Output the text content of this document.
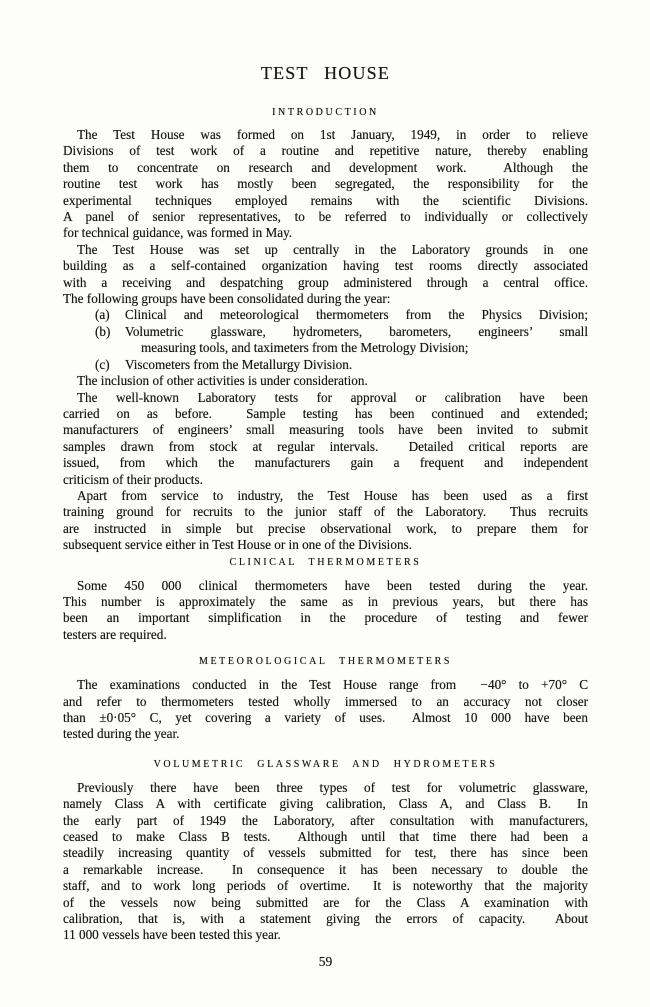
TEST HOUSE
INTRODUCTION
The Test House was formed on 1st January, 1949, in order to relieve
Divisions of test work of a routine and repetitive nature, thereby enabling
them to concentrate on research and development work.  Although the
routine test work has mostly been segregated, the responsibility for the
experimental techniques employed remains with the scientific Divisions.
A panel of senior representatives, to be referred to individually or collectively
for technical guidance, was formed in May.
The Test House was set up centrally in the Laboratory grounds in one
building as a self-contained organization having test rooms directly associated
with a receiving and despatching group administered through a central office.
The following groups have been consolidated during the year:
(a)	Clinical and meteorological thermometers from the Physics Division;
(b)	Volumetric glassware, hydrometers, barometers, engineers’ small
measuring tools, and taximeters from the Metrology Division;
(c)	Viscometers from the Metallurgy Division.
The inclusion of other activities is under consideration.
The well-known Laboratory tests for approval or calibration have been
carried on as before.  Sample testing has been continued and extended;
manufacturers of engineers’ small measuring tools have been invited to submit
samples drawn from stock at regular intervals.  Detailed critical reports are
issued, from which the manufacturers gain a frequent and independent
criticism of their products.
Apart from service to industry, the Test House has been used as a first
training ground for recruits to the junior staff of the Laboratory.  Thus recruits
are instructed in simple but precise observational work, to prepare them for
subsequent service either in Test House or in one of the Divisions.
CLINICAL THERMOMETERS
Some 450 000 clinical thermometers have been tested during the year.
This number is approximately the same as in previous years, but there has
been an important simplification in the procedure of testing and fewer
testers are required.
METEOROLOGICAL THERMOMETERS
The examinations conducted in the Test House range from  −40° to +70° C
and refer to thermometers tested wholly immersed to an accuracy not closer
than ±0·05° C, yet covering a variety of uses.  Almost 10 000 have been
tested during the year.
VOLUMETRIC GLASSWARE AND HYDROMETERS
Previously there have been three types of test for volumetric glassware,
namely Class A with certificate giving calibration, Class A, and Class B.  In
the early part of 1949 the Laboratory, after consultation with manufacturers,
ceased to make Class B tests.  Although until that time there had been a
steadily increasing quantity of vessels submitted for test, there has since been
a remarkable increase.  In consequence it has been necessary to double the
staff, and to work long periods of overtime.  It is noteworthy that the majority
of the vessels now being submitted are for the Class A examination with
calibration, that is, with a statement giving the errors of capacity.  About
11 000 vessels have been tested this year.
59
